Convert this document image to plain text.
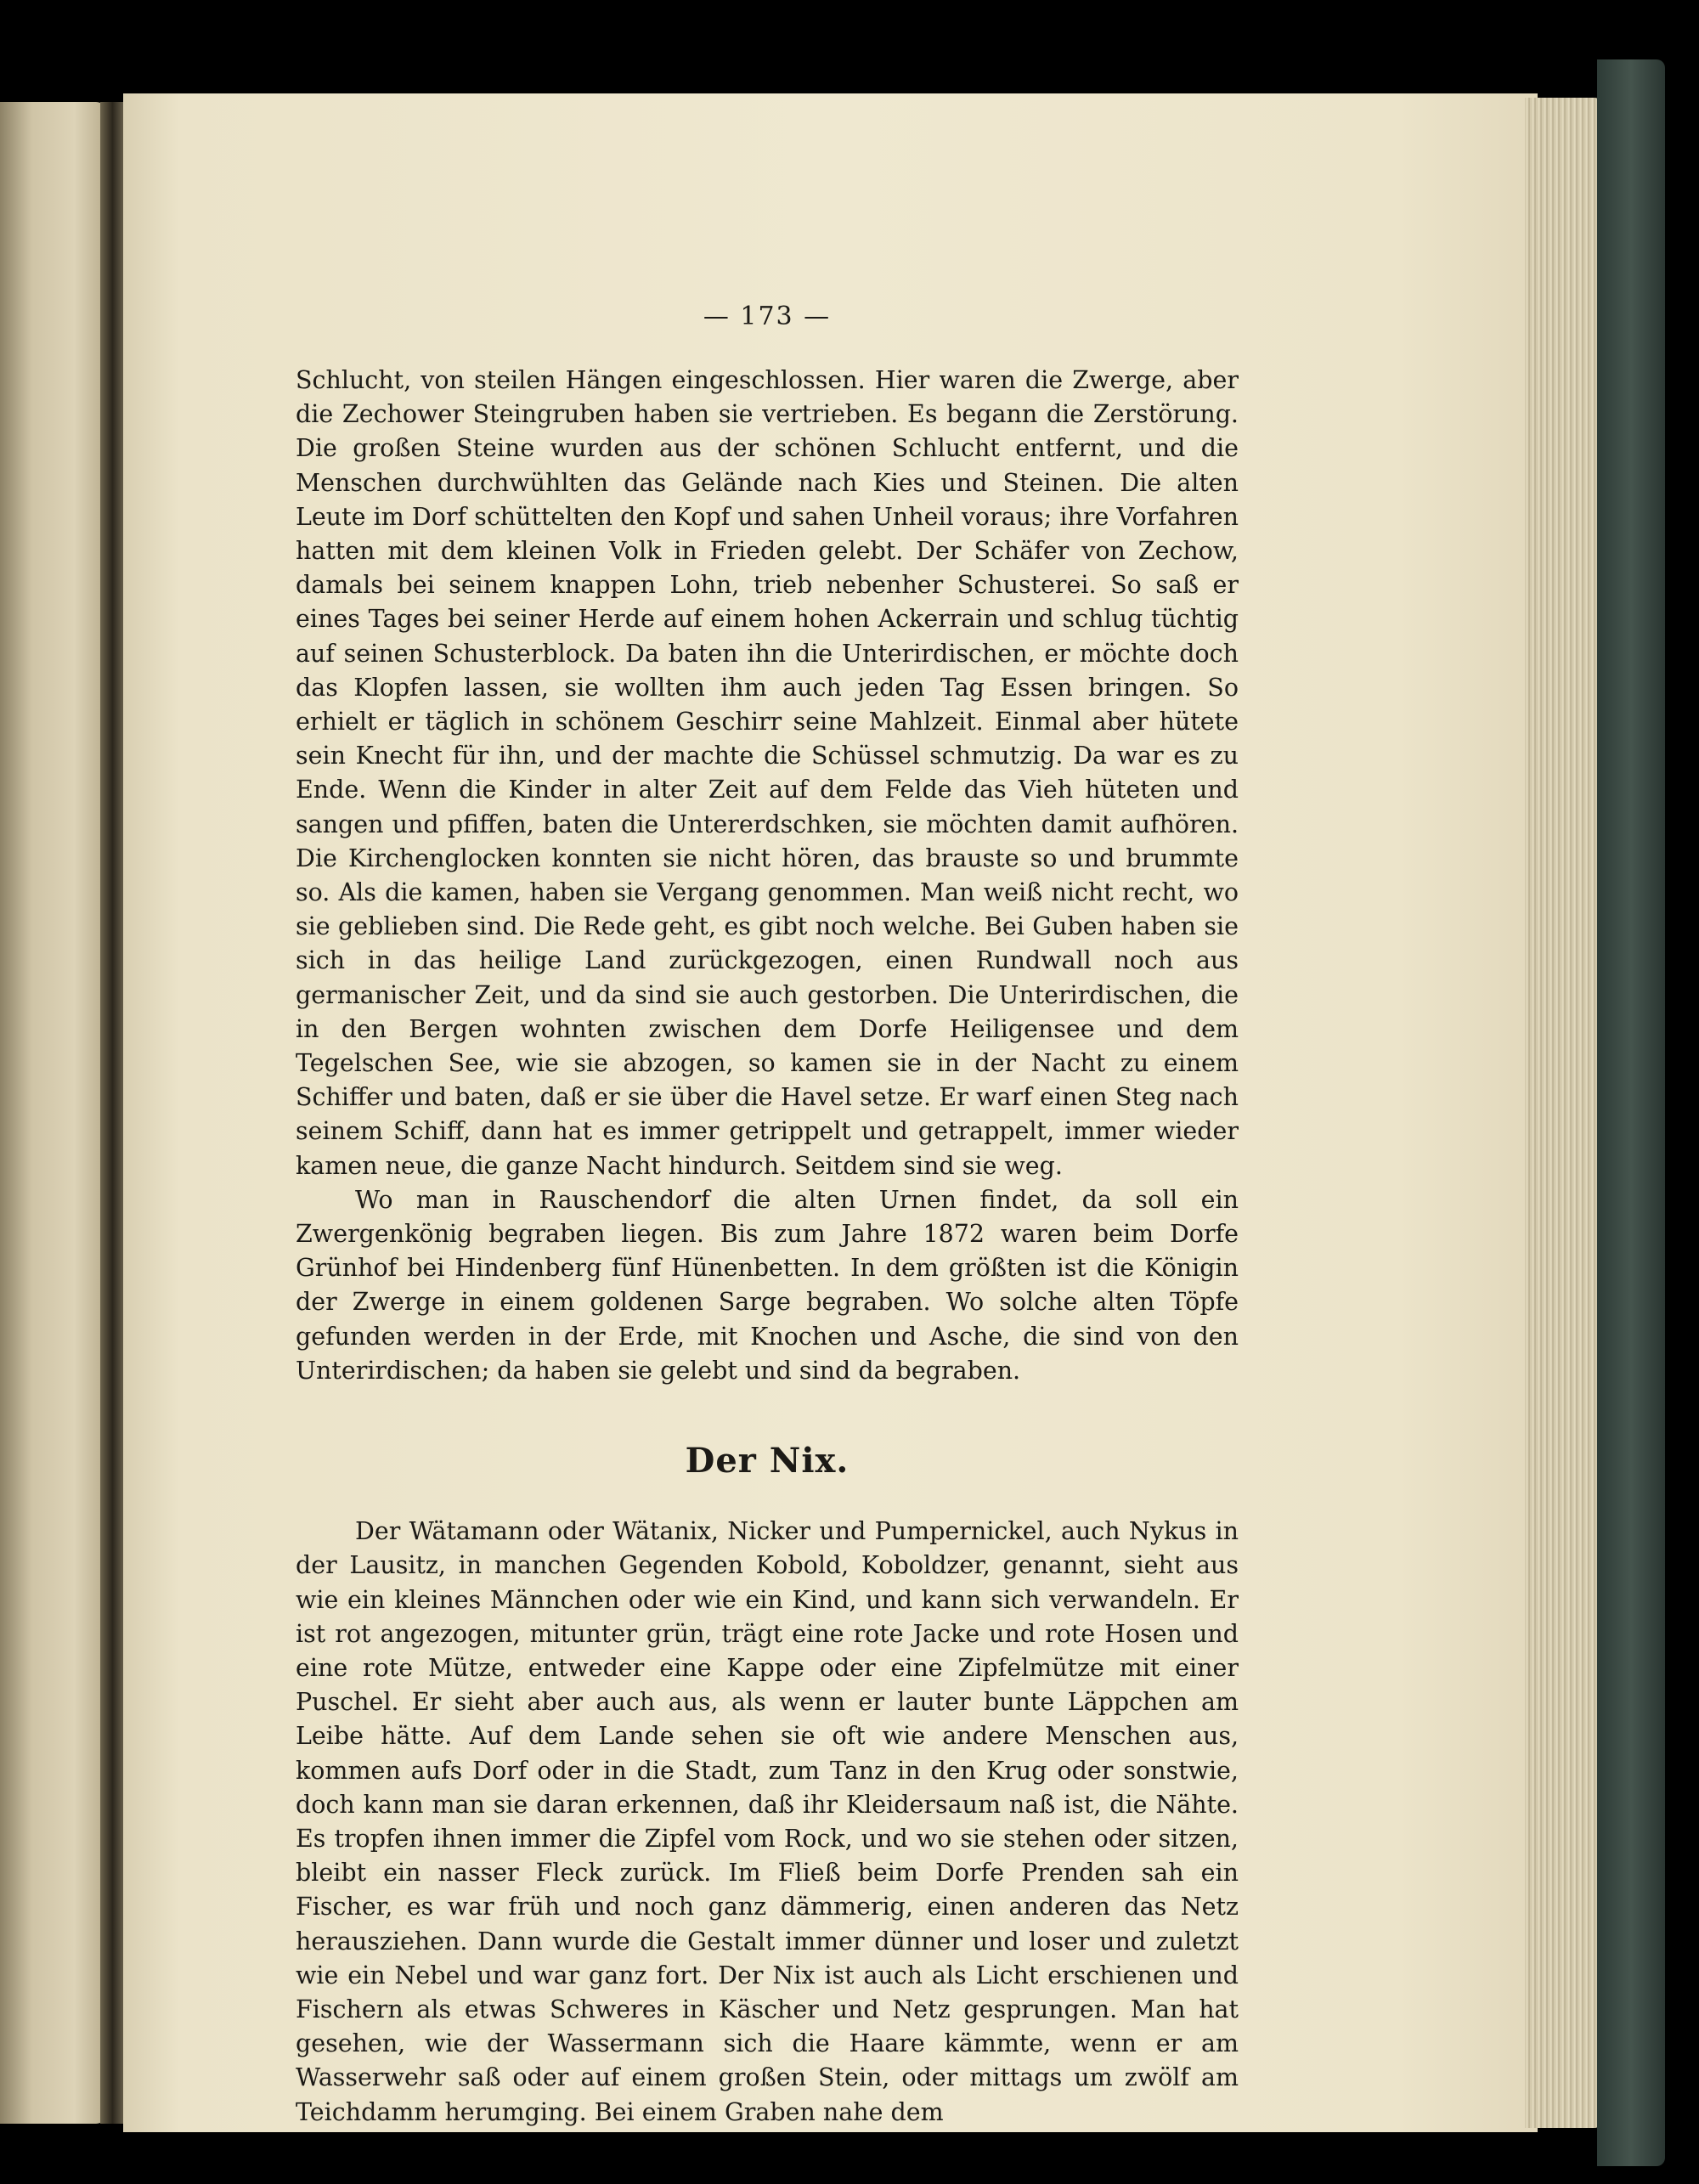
— 173 —

Schlucht, von steilen Hängen eingeschlossen. Hier waren die Zwerge, aber die Zechower Steingruben haben sie vertrieben. Es begann die Zerstörung. Die großen Steine wurden aus der schönen Schlucht entfernt, und die Menschen durchwühlten das Gelände nach Kies und Steinen. Die alten Leute im Dorf schüttelten den Kopf und sahen Unheil voraus; ihre Vorfahren hatten mit dem kleinen Volk in Frieden gelebt. Der Schäfer von Zechow, damals bei seinem knappen Lohn, trieb nebenher Schusterei. So saß er eines Tages bei seiner Herde auf einem hohen Ackerrain und schlug tüchtig auf seinen Schusterblock. Da baten ihn die Unterirdischen, er möchte doch das Klopfen lassen, sie wollten ihm auch jeden Tag Essen bringen. So erhielt er täglich in schönem Geschirr seine Mahlzeit. Einmal aber hütete sein Knecht für ihn, und der machte die Schüssel schmutzig. Da war es zu Ende. Wenn die Kinder in alter Zeit auf dem Felde das Vieh hüteten und sangen und pfiffen, baten die Untererdschken, sie möchten damit aufhören. Die Kirchenglocken konnten sie nicht hören, das brauste so und brummte so. Als die kamen, haben sie Vergang genommen. Man weiß nicht recht, wo sie geblieben sind. Die Rede geht, es gibt noch welche. Bei Guben haben sie sich in das heilige Land zurückgezogen, einen Rundwall noch aus germanischer Zeit, und da sind sie auch gestorben. Die Unterirdischen, die in den Bergen wohnten zwischen dem Dorfe Heiligensee und dem Tegelschen See, wie sie abzogen, so kamen sie in der Nacht zu einem Schiffer und baten, daß er sie über die Havel setze. Er warf einen Steg nach seinem Schiff, dann hat es immer getrippelt und getrappelt, immer wieder kamen neue, die ganze Nacht hindurch. Seitdem sind sie weg.

Wo man in Rauschendorf die alten Urnen findet, da soll ein Zwergenkönig begraben liegen. Bis zum Jahre 1872 waren beim Dorfe Grünhof bei Hindenberg fünf Hünenbetten. In dem größten ist die Königin der Zwerge in einem goldenen Sarge begraben. Wo solche alten Töpfe gefunden werden in der Erde, mit Knochen und Asche, die sind von den Unterirdischen; da haben sie gelebt und sind da begraben.

Der Nix.

Der Wätamann oder Wätanix, Nicker und Pumpernickel, auch Nykus in der Lausitz, in manchen Gegenden Kobold, Koboldzer, genannt, sieht aus wie ein kleines Männchen oder wie ein Kind, und kann sich verwandeln. Er ist rot angezogen, mitunter grün, trägt eine rote Jacke und rote Hosen und eine rote Mütze, entweder eine Kappe oder eine Zipfelmütze mit einer Puschel. Er sieht aber auch aus, als wenn er lauter bunte Läppchen am Leibe hätte. Auf dem Lande sehen sie oft wie andere Menschen aus, kommen aufs Dorf oder in die Stadt, zum Tanz in den Krug oder sonstwie, doch kann man sie daran erkennen, daß ihr Kleidersaum naß ist, die Nähte. Es tropfen ihnen immer die Zipfel vom Rock, und wo sie stehen oder sitzen, bleibt ein nasser Fleck zurück. Im Fließ beim Dorfe Prenden sah ein Fischer, es war früh und noch ganz dämmerig, einen anderen das Netz herausziehen. Dann wurde die Gestalt immer dünner und loser und zuletzt wie ein Nebel und war ganz fort. Der Nix ist auch als Licht erschienen und Fischern als etwas Schweres in Käscher und Netz gesprungen. Man hat gesehen, wie der Wassermann sich die Haare kämmte, wenn er am Wasserwehr saß oder auf einem großen Stein, oder mittags um zwölf am Teichdamm herumging. Bei einem Graben nahe dem
